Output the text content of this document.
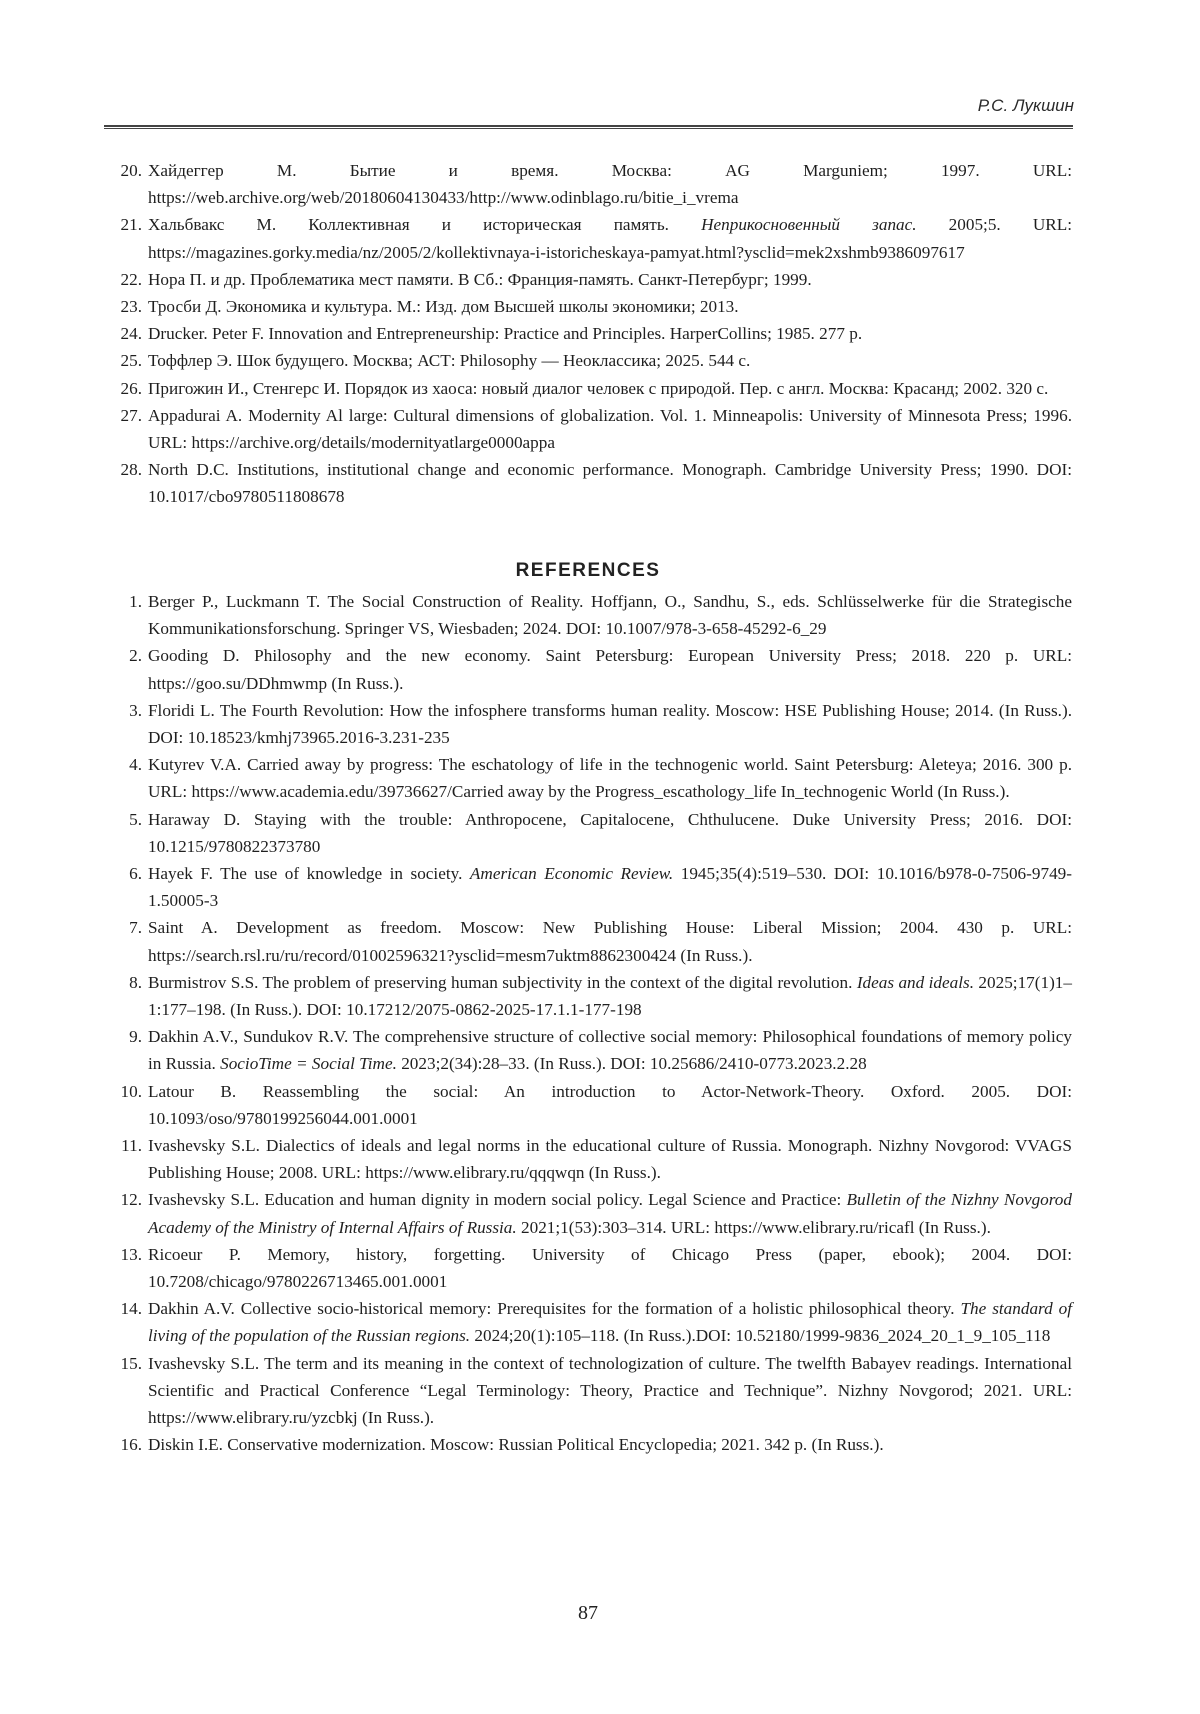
Р.С. Лукшин
20. Хайдеггер М. Бытие и время. Москва: AG Marguniem; 1997. URL: https://web.archive.org/web/20180604130433/http://www.odinblago.ru/bitie_i_vrema
21. Хальбвакс М. Коллективная и историческая память. Неприкосновенный запас. 2005;5. URL: https://magazines.gorky.media/nz/2005/2/kollektivnaya-i-istoricheskaya-pamyat.html?ysclid=mek2xshmb9386097617
22. Нора П. и др. Проблематика мест памяти. В Сб.: Франция-память. Санкт-Петербург; 1999.
23. Тросби Д. Экономика и культура. М.: Изд. дом Высшей школы экономики; 2013.
24. Drucker. Peter F. Innovation and Entrepreneurship: Practice and Principles. HarperCollins; 1985. 277 p.
25. Тоффлер Э. Шок будущего. Москва; АСТ: Philosophy — Неоклассика; 2025. 544 с.
26. Пригожин И., Стенгерс И. Порядок из хаоса: новый диалог человек с природой. Пер. с англ. Москва: Красанд; 2002. 320 с.
27. Appadurai A. Modernity Al large: Cultural dimensions of globalization. Vol. 1. Minneapolis: University of Minnesota Press; 1996. URL: https://archive.org/details/modernityatlarge0000appa
28. North D.C. Institutions, institutional change and economic performance. Monograph. Cambridge University Press; 1990. DOI: 10.1017/cbo9780511808678
REFERENCES
1. Berger P., Luckmann T. The Social Construction of Reality. Hoffjann, O., Sandhu, S., eds. Schlüsselwerke für die Strategische Kommunikationsforschung. Springer VS, Wiesbaden; 2024. DOI: 10.1007/978-3-658-45292-6_29
2. Gooding D. Philosophy and the new economy. Saint Petersburg: European University Press; 2018. 220 p. URL: https://goo.su/DDhmwmp (In Russ.).
3. Floridi L. The Fourth Revolution: How the infosphere transforms human reality. Moscow: HSE Publishing House; 2014. (In Russ.). DOI: 10.18523/kmhj73965.2016-3.231-235
4. Kutyrev V.A. Carried away by progress: The eschatology of life in the technogenic world. Saint Petersburg: Aleteya; 2016. 300 p. URL: https://www.academia.edu/39736627/Carried away by the Progress_escathology_life In_technogenic World (In Russ.).
5. Haraway D. Staying with the trouble: Anthropocene, Capitalocene, Chthulucene. Duke University Press; 2016. DOI: 10.1215/9780822373780
6. Hayek F. The use of knowledge in society. American Economic Review. 1945;35(4):519–530. DOI: 10.1016/b978-0-7506-9749-1.50005-3
7. Saint A. Development as freedom. Moscow: New Publishing House: Liberal Mission; 2004. 430 p. URL: https://search.rsl.ru/ru/record/01002596321?ysclid=mesm7uktm8862300424 (In Russ.).
8. Burmistrov S.S. The problem of preserving human subjectivity in the context of the digital revolution. Ideas and ideals. 2025;17(1)1–1:177–198. (In Russ.). DOI: 10.17212/2075-0862-2025-17.1.1-177-198
9. Dakhin A.V., Sundukov R.V. The comprehensive structure of collective social memory: Philosophical foundations of memory policy in Russia. SocioTime = Social Time. 2023;2(34):28–33. (In Russ.). DOI: 10.25686/2410-0773.2023.2.28
10. Latour B. Reassembling the social: An introduction to Actor-Network-Theory. Oxford. 2005. DOI: 10.1093/oso/9780199256044.001.0001
11. Ivashevsky S.L. Dialectics of ideals and legal norms in the educational culture of Russia. Monograph. Nizhny Novgorod: VVAGS Publishing House; 2008. URL: https://www.elibrary.ru/qqqwqn (In Russ.).
12. Ivashevsky S.L. Education and human dignity in modern social policy. Legal Science and Practice: Bulletin of the Nizhny Novgorod Academy of the Ministry of Internal Affairs of Russia. 2021;1(53):303–314. URL: https://www.elibrary.ru/ricafl (In Russ.).
13. Ricoeur P. Memory, history, forgetting. University of Chicago Press (paper, ebook); 2004. DOI: 10.7208/chicago/9780226713465.001.0001
14. Dakhin A.V. Collective socio-historical memory: Prerequisites for the formation of a holistic philosophical theory. The standard of living of the population of the Russian regions. 2024;20(1):105–118. (In Russ.).DOI: 10.52180/1999-9836_2024_20_1_9_105_118
15. Ivashevsky S.L. The term and its meaning in the context of technologization of culture. The twelfth Babayev readings. International Scientific and Practical Conference “Legal Terminology: Theory, Practice and Technique”. Nizhny Novgorod; 2021. URL: https://www.elibrary.ru/yzcbkj (In Russ.).
16. Diskin I.E. Conservative modernization. Moscow: Russian Political Encyclopedia; 2021. 342 p. (In Russ.).
87
